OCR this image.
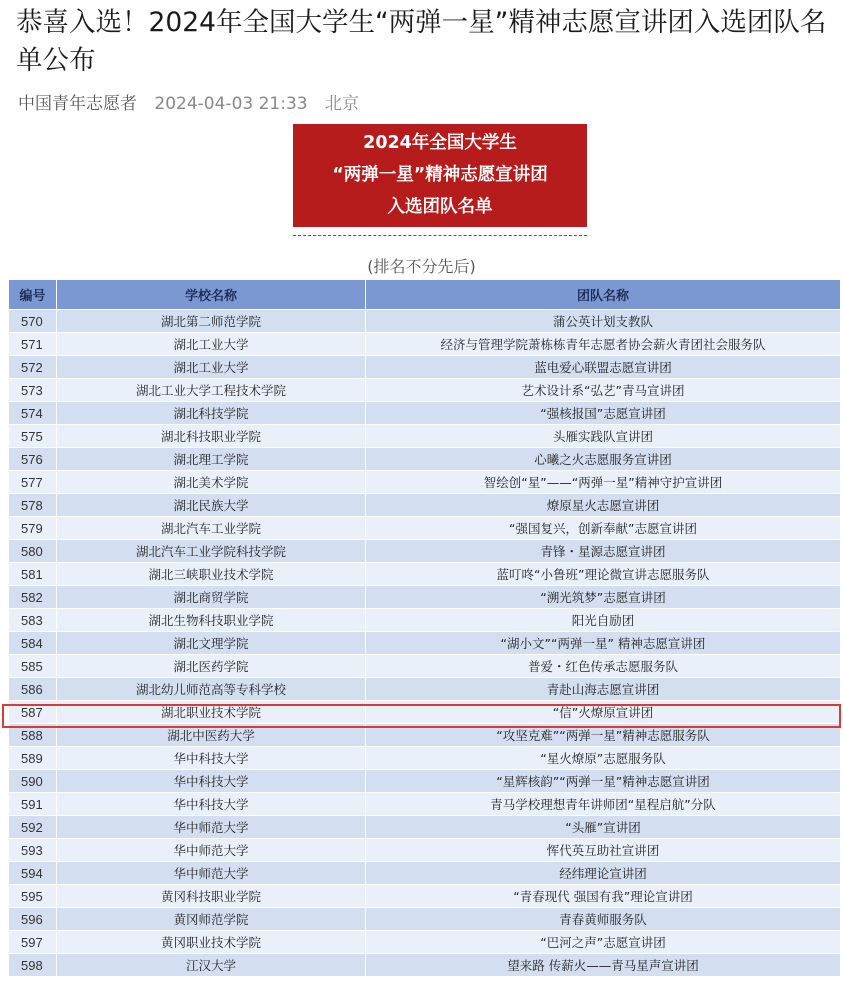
恭喜入选！2024年全国大学生“两弹一星”精神志愿宣讲团入选团队名单公布
中国青年志愿者 2024-04-03 21:33 北京
2024年全国大学生
“两弹一星”精神志愿宣讲团
入选团队名单
(排名不分先后)
编号	学校名称	团队名称
570	湖北第二师范学院	蒲公英计划支教队
571	湖北工业大学	经济与管理学院萧栋栋青年志愿者协会薪火青团社会服务队
572	湖北工业大学	蓝电爱心联盟志愿宣讲团
573	湖北工业大学工程技术学院	艺术设计系“弘艺”青马宣讲团
574	湖北科技学院	“强核报国”志愿宣讲团
575	湖北科技职业学院	头雁实践队宣讲团
576	湖北理工学院	心曦之火志愿服务宣讲团
577	湖北美术学院	智绘创“星”——“两弹一星”精神守护宣讲团
578	湖北民族大学	燎原星火志愿宣讲团
579	湖北汽车工业学院	“强国复兴，创新奉献”志愿宣讲团
580	湖北汽车工业学院科技学院	青锋・星源志愿宣讲团
581	湖北三峡职业技术学院	蓝叮咚“小鲁班”理论微宣讲志愿服务队
582	湖北商贸学院	“溯光筑梦”志愿宣讲团
583	湖北生物科技职业学院	阳光自励团
584	湖北文理学院	“湖小文”“两弹一星” 精神志愿宣讲团
585	湖北医药学院	普爱・红色传承志愿服务队
586	湖北幼儿师范高等专科学校	青赴山海志愿宣讲团
587	湖北职业技术学院	“信”火燎原宣讲团
588	湖北中医药大学	“攻坚克难”“两弹一星”精神志愿服务队
589	华中科技大学	“星火燎原”志愿服务队
590	华中科技大学	“星辉核韵”“两弹一星”精神志愿宣讲团
591	华中科技大学	青马学校理想青年讲师团“星程启航”分队
592	华中师范大学	“头雁”宣讲团
593	华中师范大学	恽代英互助社宣讲团
594	华中师范大学	经纬理论宣讲团
595	黄冈科技职业学院	“青春现代 强国有我”理论宣讲团
596	黄冈师范学院	青春黄师服务队
597	黄冈职业技术学院	“巴河之声”志愿宣讲团
598	江汉大学	望来路 传薪火——青马星声宣讲团
